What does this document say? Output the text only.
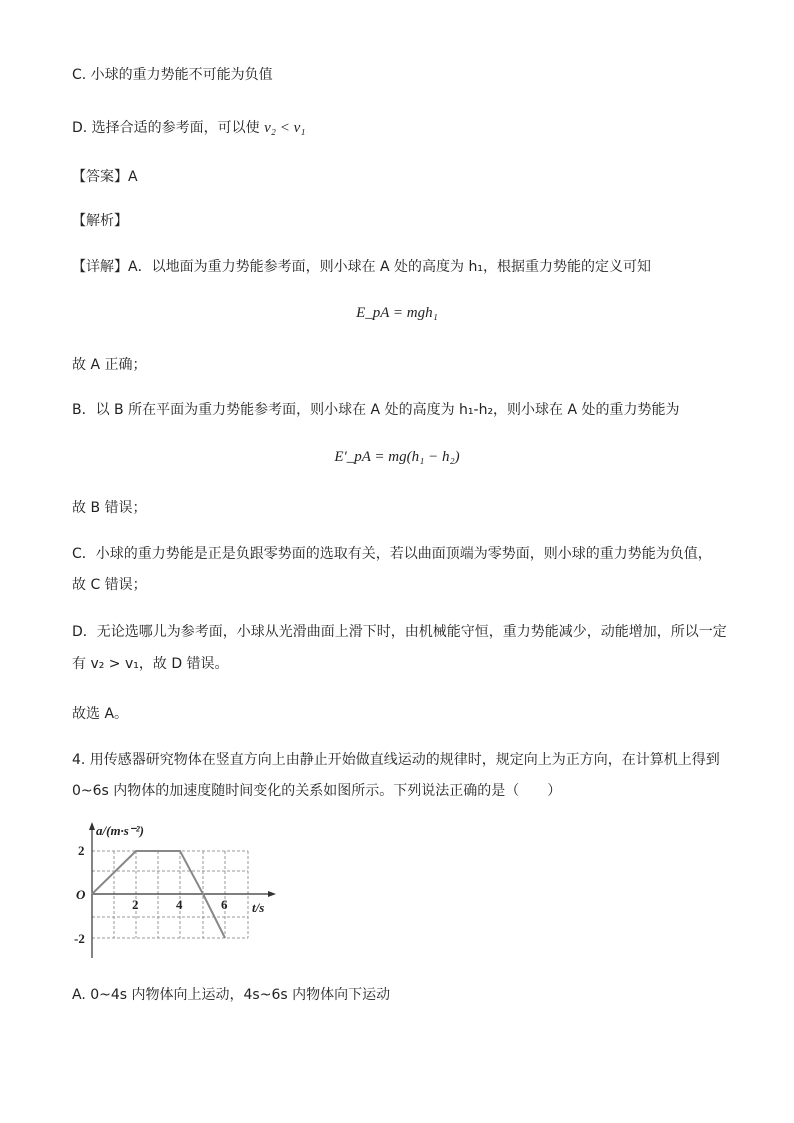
C. 小球的重力势能不可能为负值
D. 选择合适的参考面，可以使 v₂ < v₁
【答案】A
【解析】
【详解】A．以地面为重力势能参考面，则小球在 A 处的高度为 h₁，根据重力势能的定义可知
E_pA = mgh₁
故 A 正确；
B．以 B 所在平面为重力势能参考面，则小球在 A 处的高度为 h₁-h₂，则小球在 A 处的重力势能为
E′_pA = mg(h₁ − h₂)
故 B 错误；
C．小球的重力势能是正是负跟零势面的选取有关，若以曲面顶端为零势面，则小球的重力势能为负值，
故 C 错误；
D．无论选哪儿为参考面，小球从光滑曲面上滑下时，由机械能守恒，重力势能减少，动能增加，所以一定
有 v₂ > v₁，故 D 错误。
故选 A。
4. 用传感器研究物体在竖直方向上由静止开始做直线运动的规律时，规定向上为正方向，在计算机上得到
0~6s 内物体的加速度随时间变化的关系如图所示。下列说法正确的是（　　）
a/(m·s⁻²)
t/s
O
2
-2
2	4	6
A. 0~4s 内物体向上运动，4s~6s 内物体向下运动
